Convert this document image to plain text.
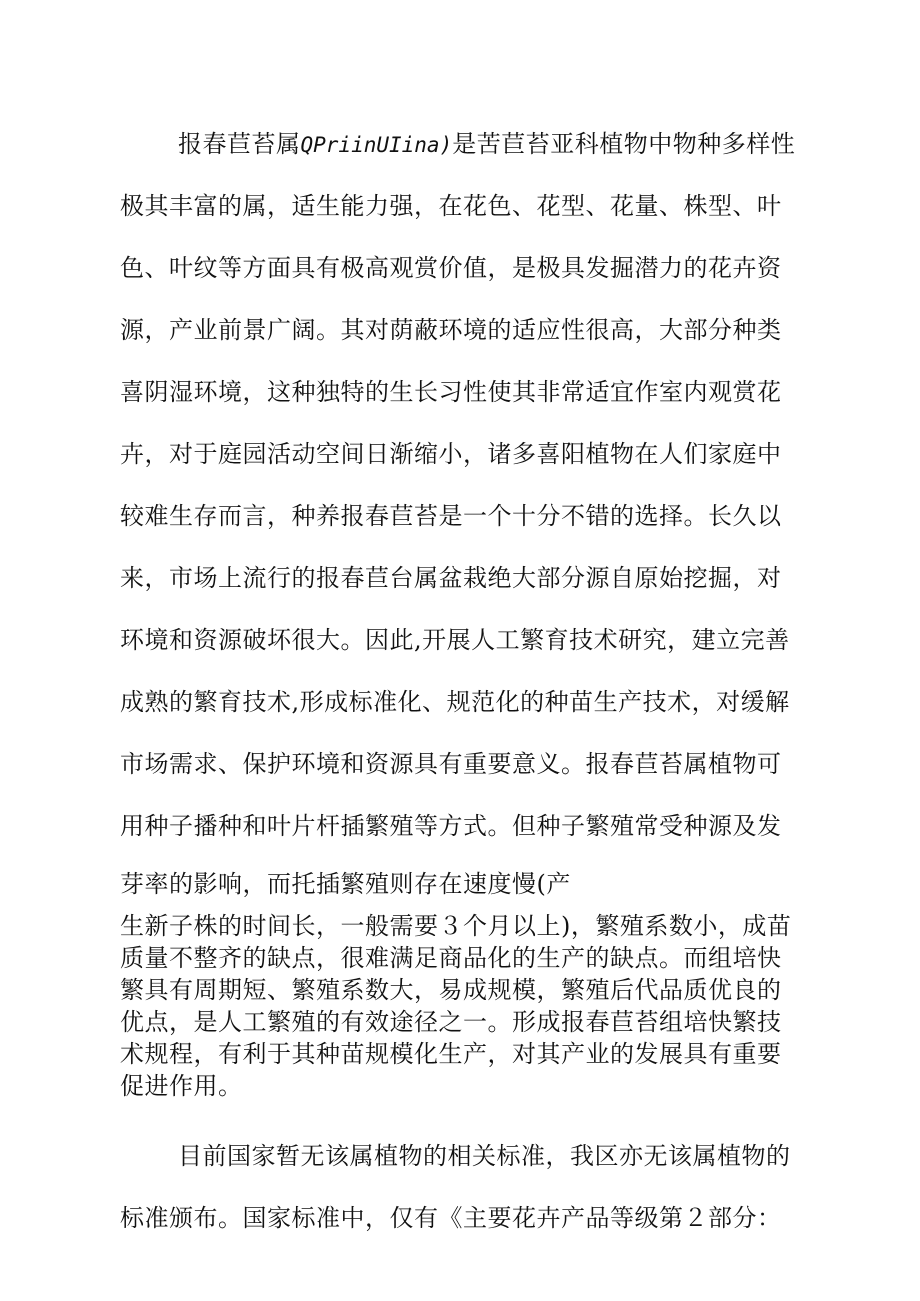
报春苣苔属QPriinUIina)是苦苣苔亚科植物中物种多样性
极其丰富的属，适生能力强，在花色、花型、花量、株型、叶
色、叶纹等方面具有极高观赏价值，是极具发掘潜力的花卉资
源，产业前景广阔。其对荫蔽环境的适应性很高，大部分种类
喜阴湿环境，这种独特的生长习性使其非常适宜作室内观赏花
卉，对于庭园活动空间日渐缩小，诸多喜阳植物在人们家庭中
较难生存而言，种养报春苣苔是一个十分不错的选择。长久以
来，市场上流行的报春苣台属盆栽绝大部分源自原始挖掘，对
环境和资源破坏很大。因此,开展人工繁育技术研究，建立完善
成熟的繁育技术,形成标准化、规范化的种苗生产技术，对缓解
市场需求、保护环境和资源具有重要意义。报春苣苔属植物可
用种子播种和叶片杆插繁殖等方式。但种子繁殖常受种源及发
芽率的影响，而托插繁殖则存在速度慢(产
生新子株的时间长，一般需要３个月以上)，繁殖系数小，成苗
质量不整齐的缺点，很难满足商品化的生产的缺点。而组培快
繁具有周期短、繁殖系数大，易成规模，繁殖后代品质优良的
优点，是人工繁殖的有效途径之一。形成报春苣苔组培快繁技
术规程，有利于其种苗规模化生产，对其产业的发展具有重要
促进作用。
目前国家暂无该属植物的相关标准，我区亦无该属植物的
标准颁布。国家标准中，仅有《主要花卉产品等级第２部分：
